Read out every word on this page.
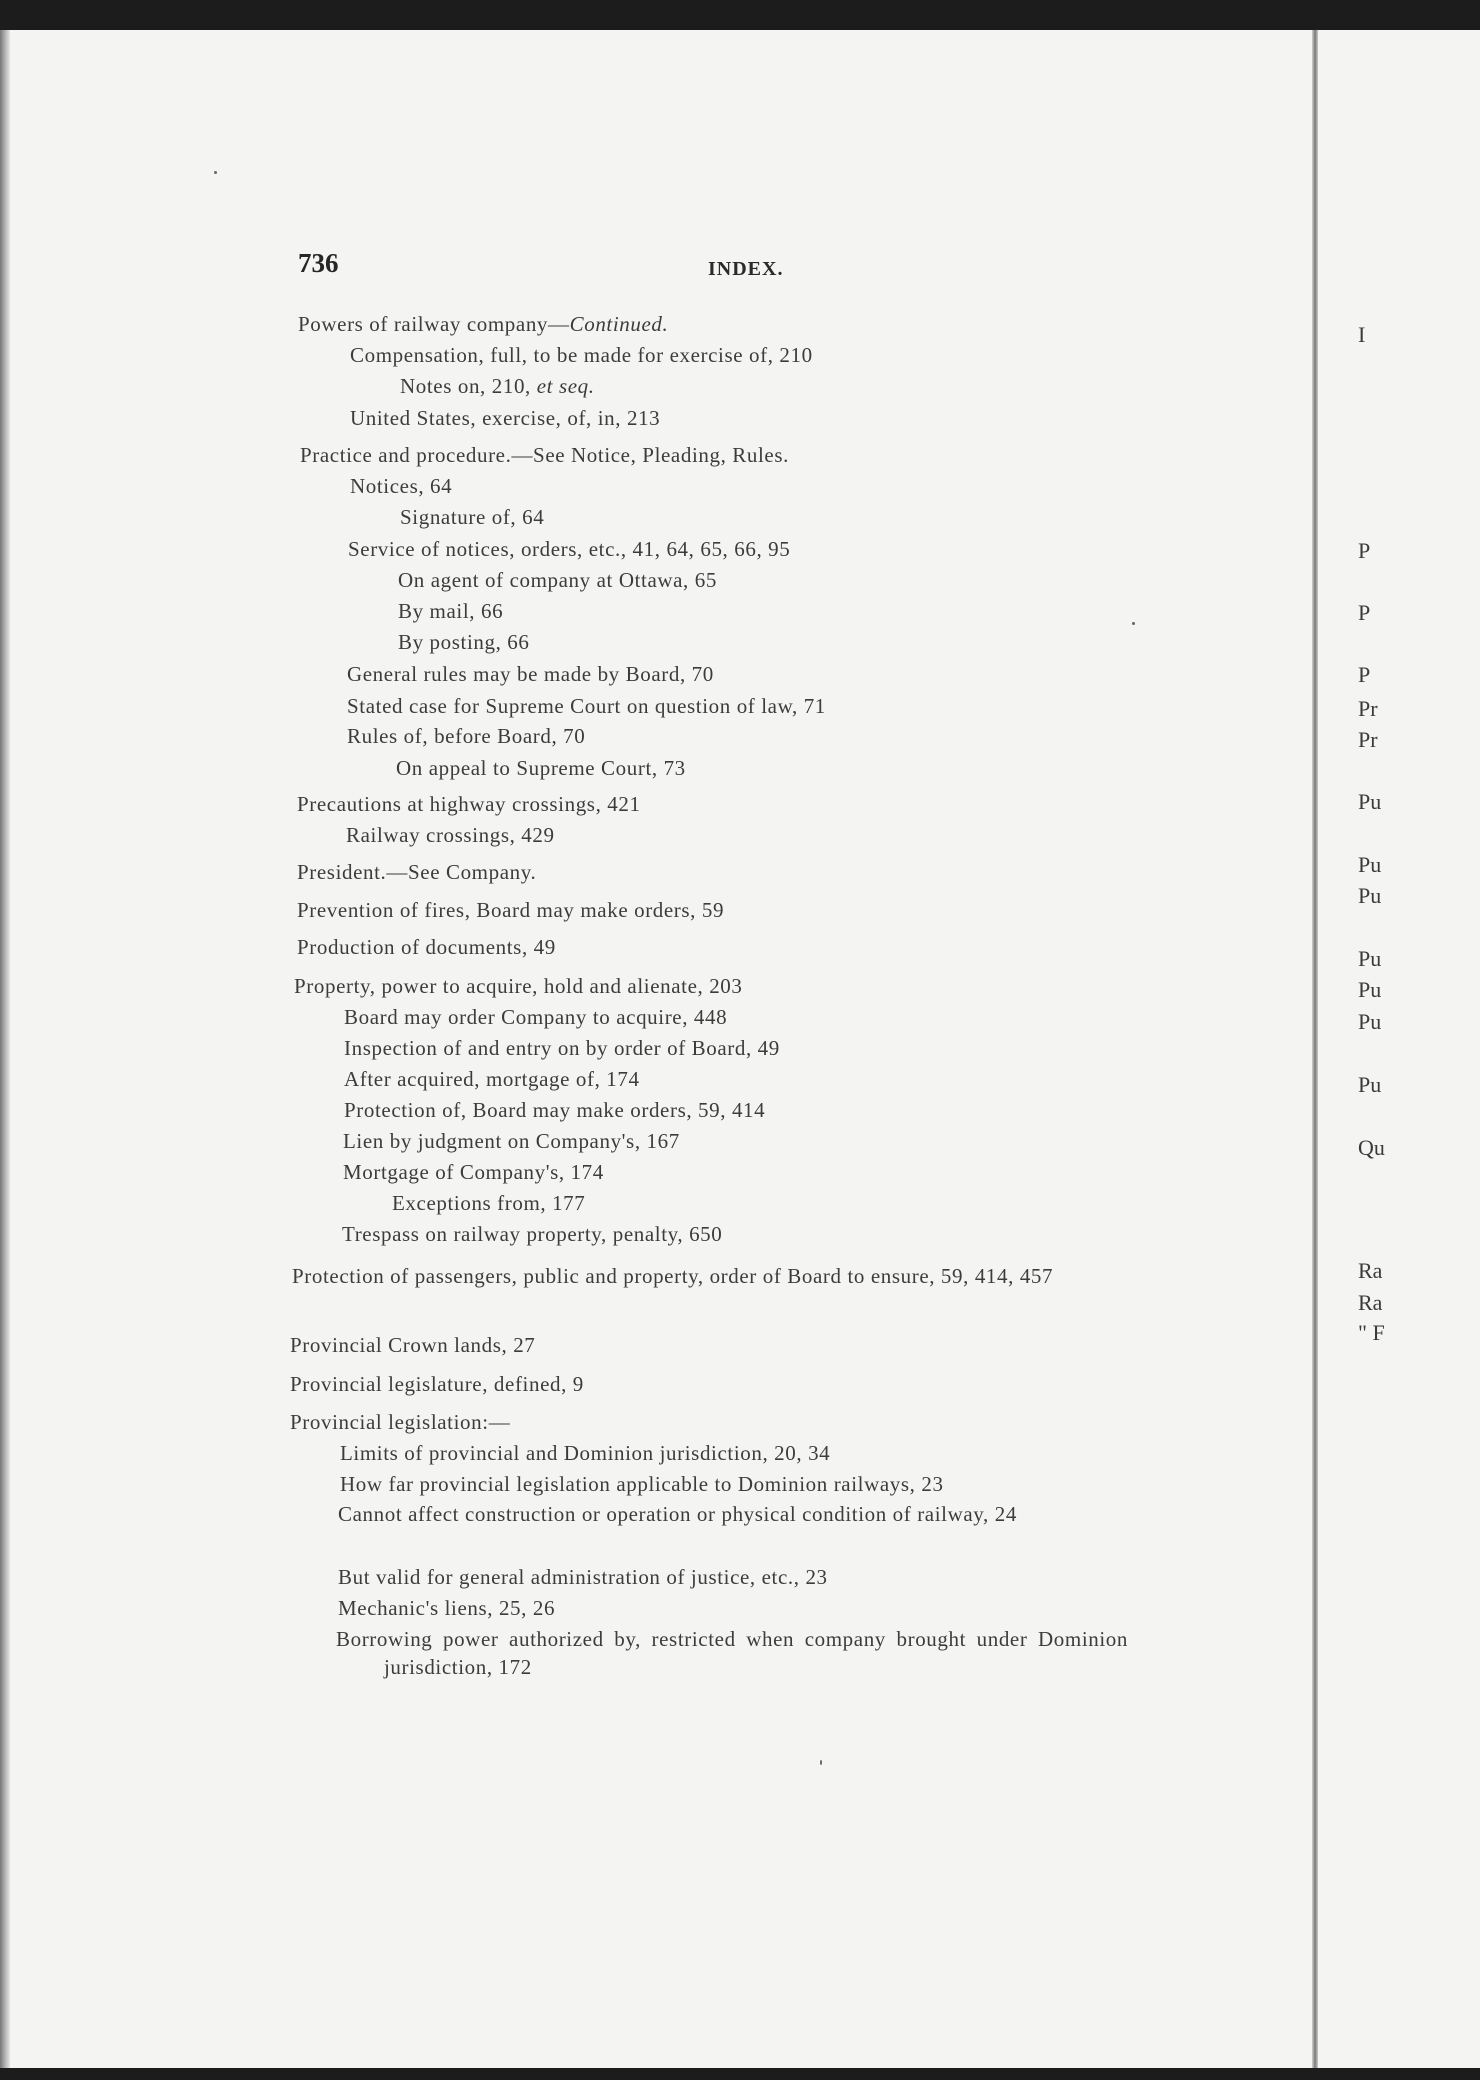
736	INDEX.
Powers of railway company—Continued.
Compensation, full, to be made for exercise of, 210
Notes on, 210, et seq.
United States, exercise, of, in, 213
Practice and procedure.—See Notice, Pleading, Rules.
Notices, 64
Signature of, 64
Service of notices, orders, etc., 41, 64, 65, 66, 95
On agent of company at Ottawa, 65
By mail, 66
By posting, 66
General rules may be made by Board, 70
Stated case for Supreme Court on question of law, 71
Rules of, before Board, 70
On appeal to Supreme Court, 73
Precautions at highway crossings, 421
Railway crossings, 429
President.—See Company.
Prevention of fires, Board may make orders, 59
Production of documents, 49
Property, power to acquire, hold and alienate, 203
Board may order Company to acquire, 448
Inspection of and entry on by order of Board, 49
After acquired, mortgage of, 174
Protection of, Board may make orders, 59, 414
Lien by judgment on Company's, 167
Mortgage of Company's, 174
Exceptions from, 177
Trespass on railway property, penalty, 650
Protection of passengers, public and property, order of Board to ensure, 59, 414, 457
Provincial Crown lands, 27
Provincial legislature, defined, 9
Provincial legislation:—
Limits of provincial and Dominion jurisdiction, 20, 34
How far provincial legislation applicable to Dominion railways, 23
Cannot affect construction or operation or physical condition of railway, 24
But valid for general administration of justice, etc., 23
Mechanic's liens, 25, 26
Borrowing power authorized by, restricted when company brought under Dominion jurisdiction, 172
I
P
P
P
Pr
Pr
Pu
Pu
Pu
Pu
Pu
Pu
Pu
Qu
Ra
Ra
" F
